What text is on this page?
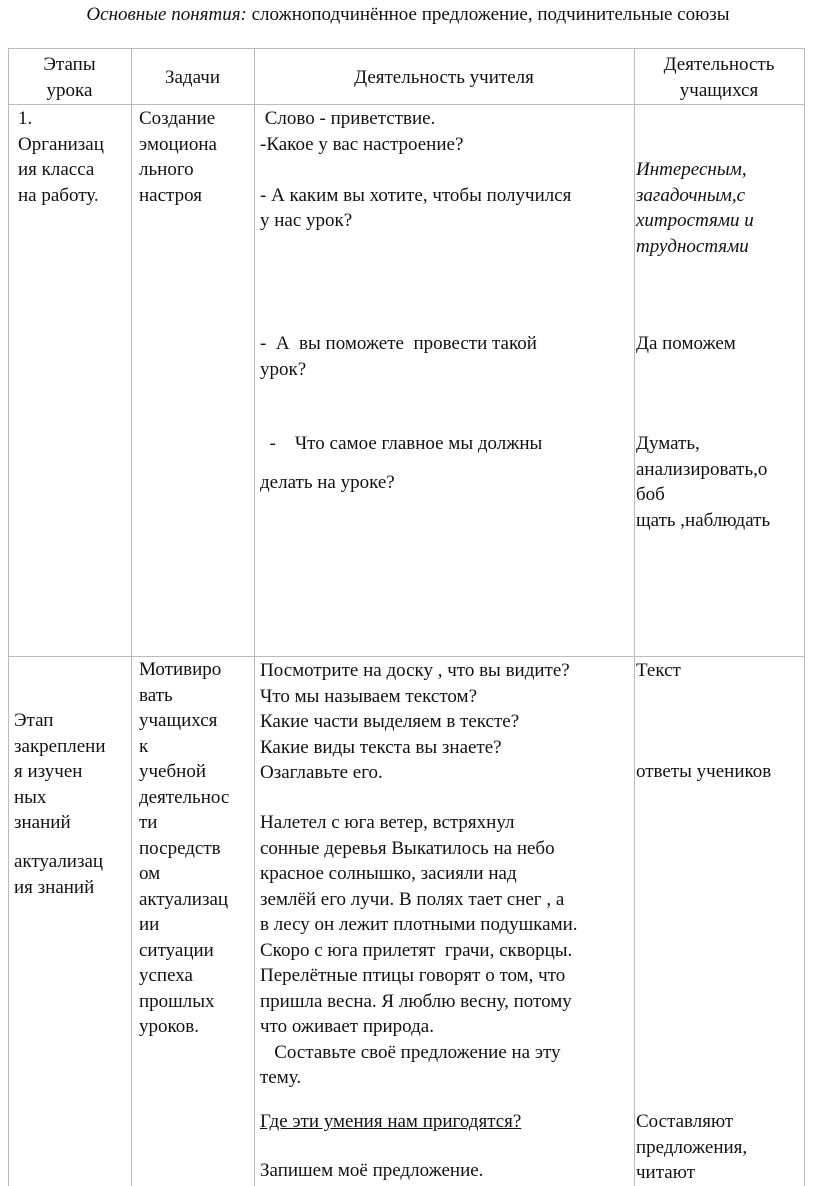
Основные понятия: сложноподчинённое предложение, подчинительные союзы
Этапы
урока
Задачи	Деятельность учителя
Деятельность
учащихся
1.
Организац
ия класса
на работу.
Создание
эмоциона
льного
настроя
Слово - приветствие.
-Какое у вас настроение?
- А каким вы хотите, чтобы получился
у нас урок?
-  А  вы поможете  провести такой
урок?
-    Что самое главное мы должны
делать на уроке?
Интересным,
загадочным,с
хитростями и
трудностями
Да поможем
Думать,
анализировать,о
боб
щать ,наблюдать
Этап
закреплени
я изучен
ных
знаний
актуализац
ия знаний
Мотивиро
вать
учащихся
к
учебной
деятельнос
ти
посредств
ом
актуализац
ии
ситуации
успеха
прошлых
уроков.
Посмотрите на доску , что вы видите?
Что мы называем текстом?
Какие части выделяем в тексте?
Какие виды текста вы знаете?
Озаглавьте его.
Налетел с юга ветер, встряхнул
сонные деревья Выкатилось на небо
красное солнышко, засияли над
землёй его лучи. В полях тает снег , а
в лесу он лежит плотными подушками.
Скоро с юга прилетят  грачи, скворцы.
Перелётные птицы говорят о том, что
пришла весна. Я люблю весну, потому
что оживает природа.
Составьте своё предложение на эту
тему.
Где эти умения нам пригодятся?
Запишем моё предложение.
Текст
ответы учеников
Составляют
предложения,
читают
